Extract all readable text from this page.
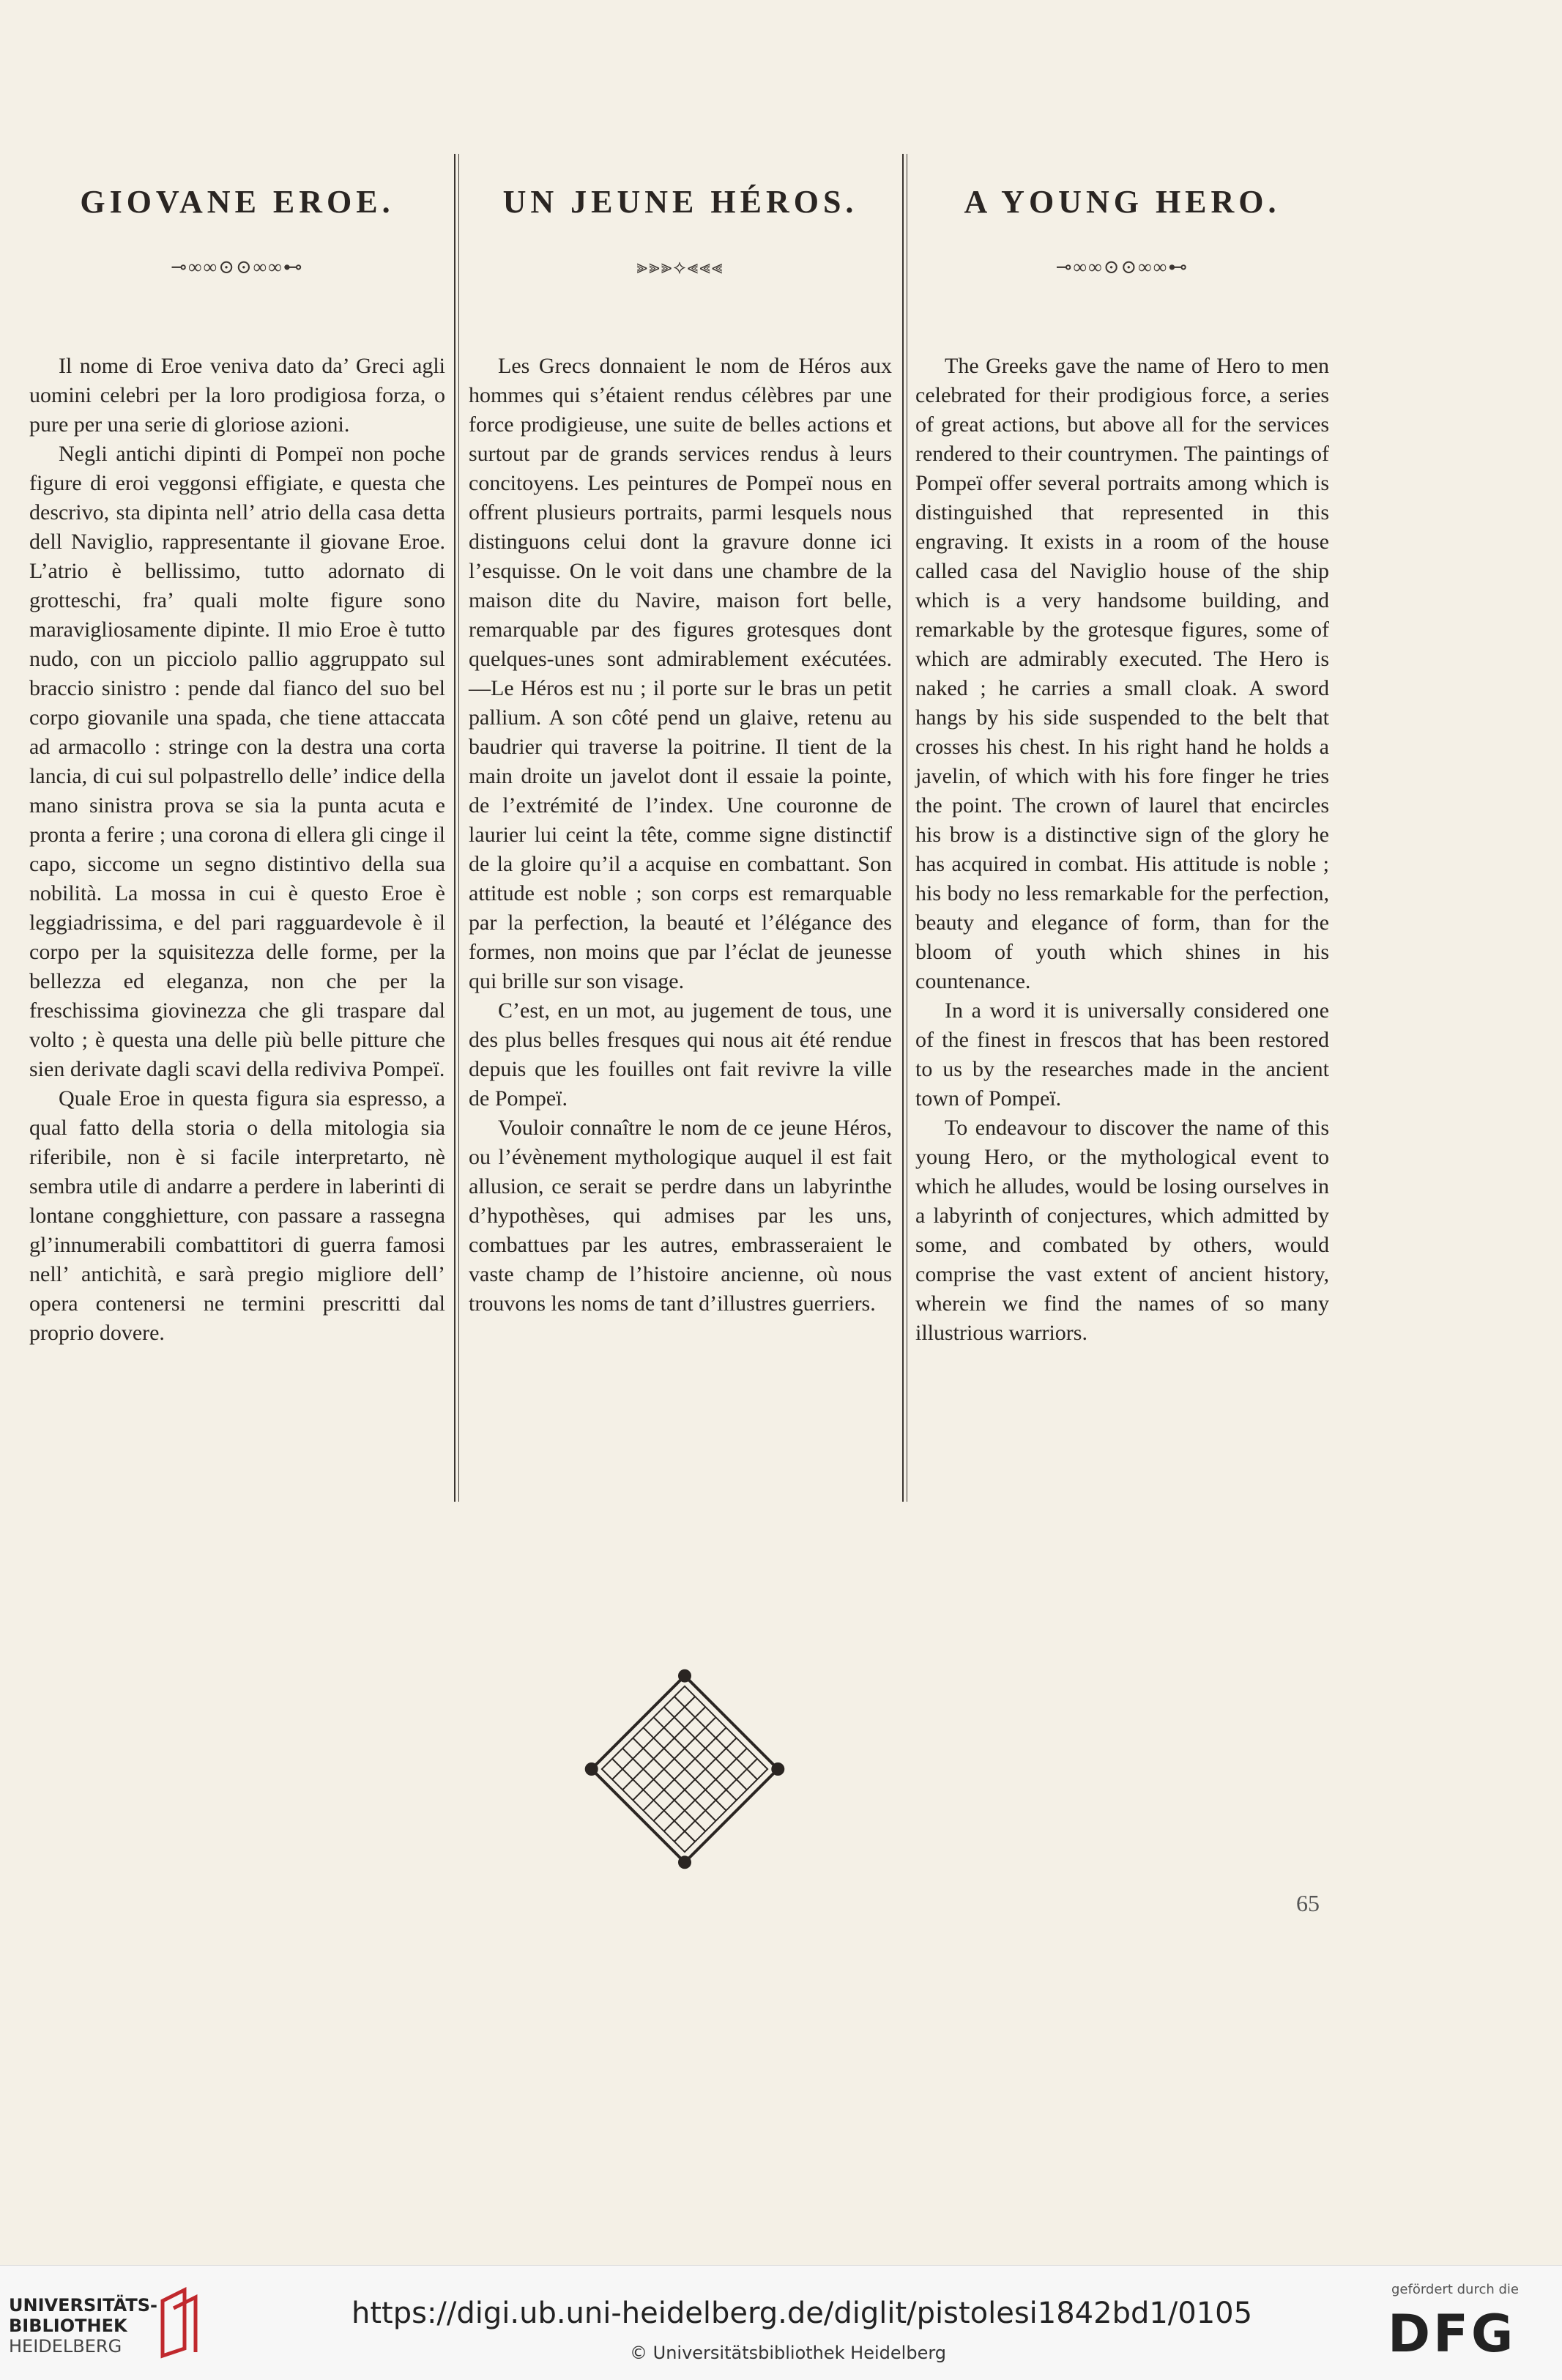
GIOVANE EROE.
⊸∞∞⊙⊙∞∞⊷

Il nome di Eroe veniva dato da’ Greci agli uomini celebri per la loro prodigiosa forza, o pure per una serie di gloriose azioni.

Negli antichi dipinti di Pompeï non poche figure di eroi veggonsi effigiate, e questa che descrivo, sta dipinta nell’ atrio della casa detta dell Naviglio, rappresentante il giovane Eroe. L’atrio è bellissimo, tutto adornato di grotteschi, fra’ quali molte figure sono maravigliosamente dipinte. Il mio Eroe è tutto nudo, con un picciolo pallio aggruppato sul braccio sinistro : pende dal fianco del suo bel corpo giovanile una spada, che tiene attaccata ad armacollo : stringe con la destra una corta lancia, di cui sul polpastrello delle’ indice della mano sinistra prova se sia la punta acuta e pronta a ferire ; una corona di ellera gli cinge il capo, siccome un segno distintivo della sua nobilità. La mossa in cui è questo Eroe è leggiadrissima, e del pari ragguardevole è il corpo per la squisitezza delle forme, per la bellezza ed eleganza, non che per la freschissima giovinezza che gli traspare dal volto ; è questa una delle più belle pitture che sien derivate dagli scavi della rediviva Pompeï.

Quale Eroe in questa figura sia espresso, a qual fatto della storia o della mitologia sia riferibile, non è si facile interpretarto, nè sembra utile di andarre a perdere in laberinti di lontane congghietture, con passare a rassegna gl’innumerabili combattitori di guerra famosi nell’ antichità, e sarà pregio migliore dell’ opera contenersi ne termini prescritti dal proprio dovere.

UN JEUNE HÉROS.
⫸⫸⫸⟡⫷⫷⫷

Les Grecs donnaient le nom de Héros aux hommes qui s’étaient rendus célèbres par une force prodigieuse, une suite de belles actions et surtout par de grands services rendus à leurs concitoyens. Les peintures de Pompeï nous en offrent plusieurs portraits, parmi lesquels nous distinguons celui dont la gravure donne ici l’esquisse. On le voit dans une chambre de la maison dite du Navire, maison fort belle, remarquable par des figures grotesques dont quelques-unes sont admirablement exécutées. —Le Héros est nu ; il porte sur le bras un petit pallium. A son côté pend un glaive, retenu au baudrier qui traverse la poitrine. Il tient de la main droite un javelot dont il essaie la pointe, de l’extrémité de l’index. Une couronne de laurier lui ceint la tête, comme signe distinctif de la gloire qu’il a acquise en combattant. Son attitude est noble ; son corps est remarquable par la perfection, la beauté et l’élégance des formes, non moins que par l’éclat de jeunesse qui brille sur son visage.

C’est, en un mot, au jugement de tous, une des plus belles fresques qui nous ait été rendue depuis que les fouilles ont fait revivre la ville de Pompeï.

Vouloir connaître le nom de ce jeune Héros, ou l’évènement mythologique auquel il est fait allusion, ce serait se perdre dans un labyrinthe d’hypothèses, qui admises par les uns, combattues par les autres, embrasseraient le vaste champ de l’histoire ancienne, où nous trouvons les noms de tant d’illustres guerriers.

A YOUNG HERO.
⊸∞∞⊙⊙∞∞⊷

The Greeks gave the name of Hero to men celebrated for their prodigious force, a series of great actions, but above all for the services rendered to their countrymen. The paintings of Pompeï offer several portraits among which is distinguished that represented in this engraving. It exists in a room of the house called casa del Naviglio house of the ship which is a very handsome building, and remarkable by the grotesque figures, some of which are admirably executed. The Hero is naked ; he carries a small cloak. A sword hangs by his side suspended to the belt that crosses his chest. In his right hand he holds a javelin, of which with his fore finger he tries the point. The crown of laurel that encircles his brow is a distinctive sign of the glory he has acquired in combat. His attitude is noble ; his body no less remarkable for the perfection, beauty and elegance of form, than for the bloom of youth which shines in his countenance.

In a word it is universally considered one of the finest in frescos that has been restored to us by the researches made in the ancient town of Pompeï.

To endeavour to discover the name of this young Hero, or the mythological event to which he alludes, would be losing ourselves in a labyrinth of conjectures, which admitted by some, and combated by others, would comprise the vast extent of ancient history, wherein we find the names of so many illustrious warriors.

65
UNIVERSITÄTS-
BIBLIOTHEK
HEIDELBERG
https://digi.ub.uni-heidelberg.de/diglit/pistolesi1842bd1/0105
© Universitätsbibliothek Heidelberg
gefördert durch die
DFG
